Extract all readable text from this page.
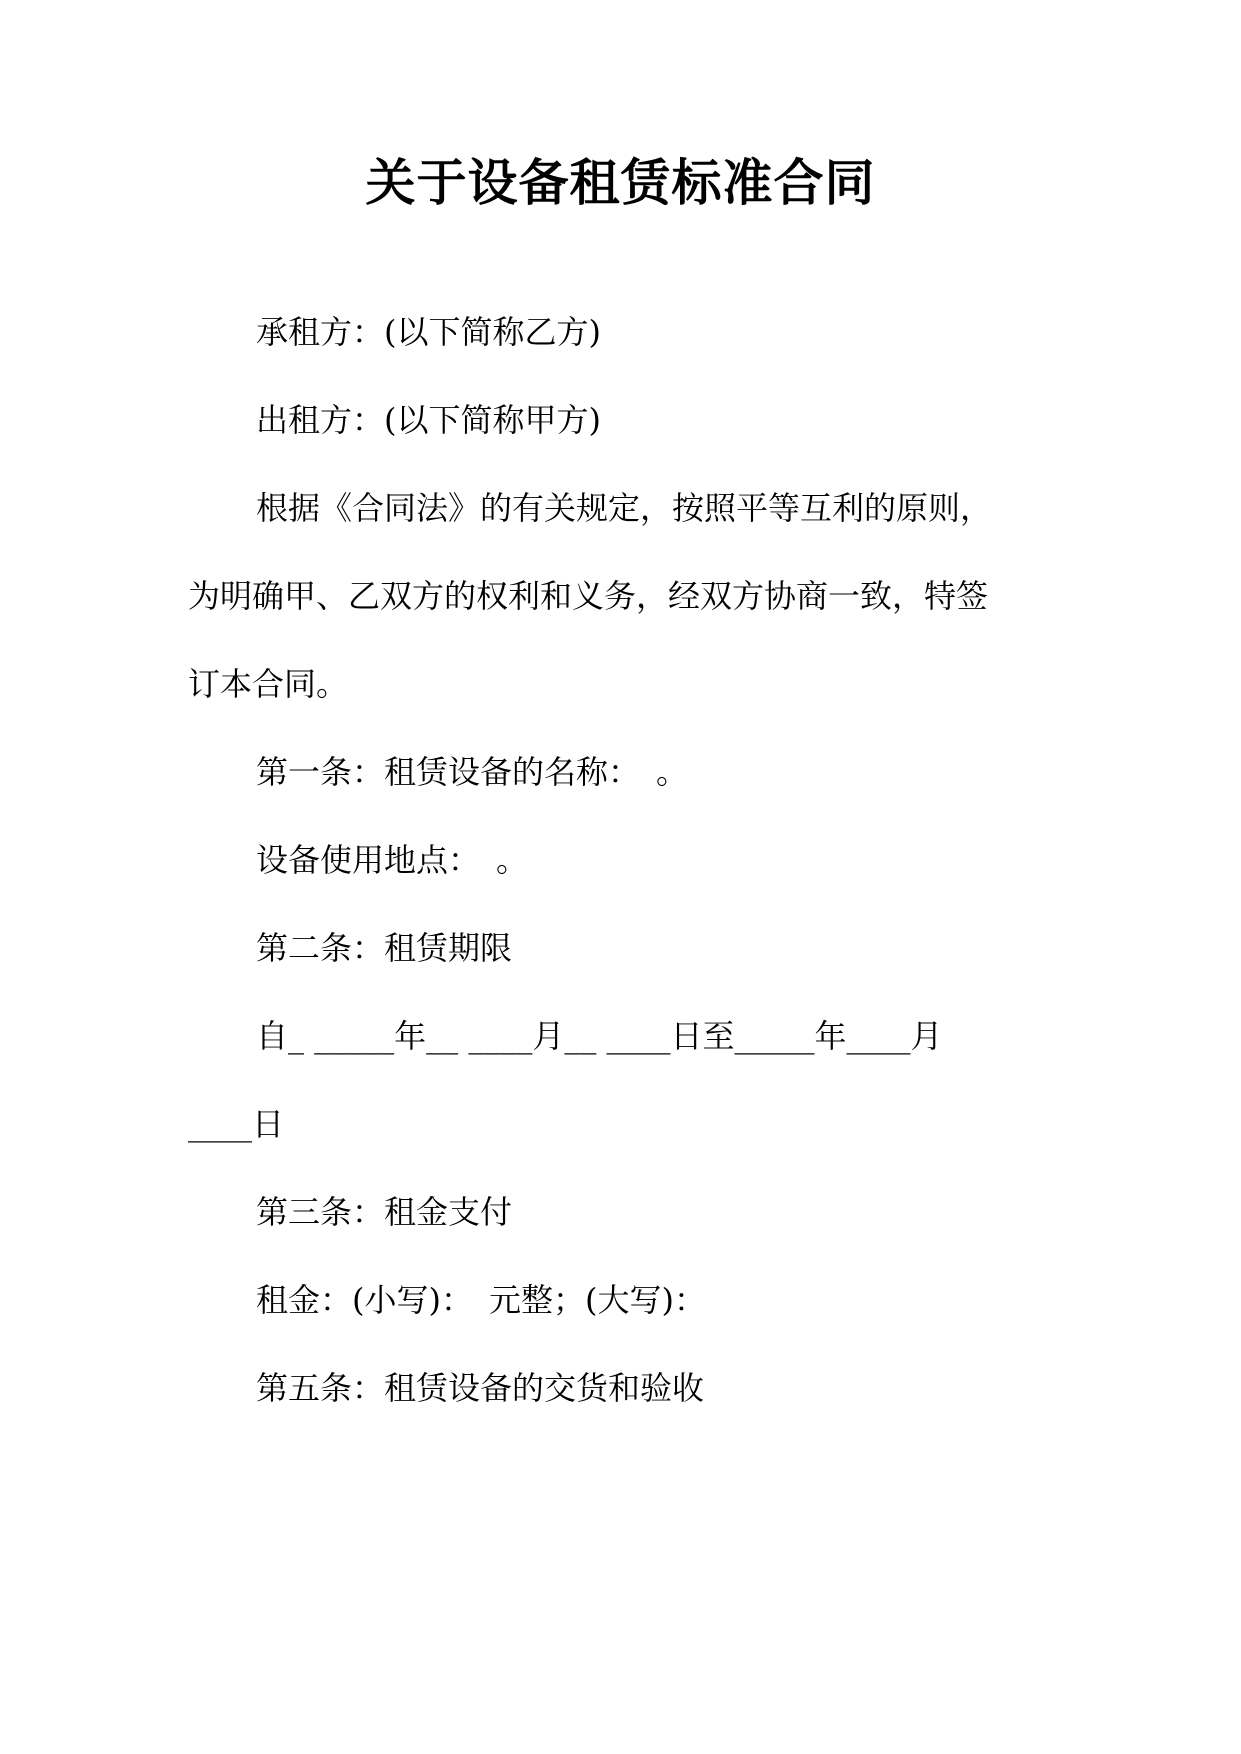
关于设备租赁标准合同
承租方：(以下简称乙方)
出租方：(以下简称甲方)
根据《合同法》的有关规定，按照平等互利的原则，
为明确甲、乙双方的权利和义务，经双方协商一致，特签
订本合同。
第一条：租赁设备的名称：　。
设备使用地点：　。
第二条：租赁期限
自_ _____年__ ____月__ ____日至_____年____月
____日
第三条：租金支付
租金：(小写)：　元整；(大写)：
第五条：租赁设备的交货和验收
